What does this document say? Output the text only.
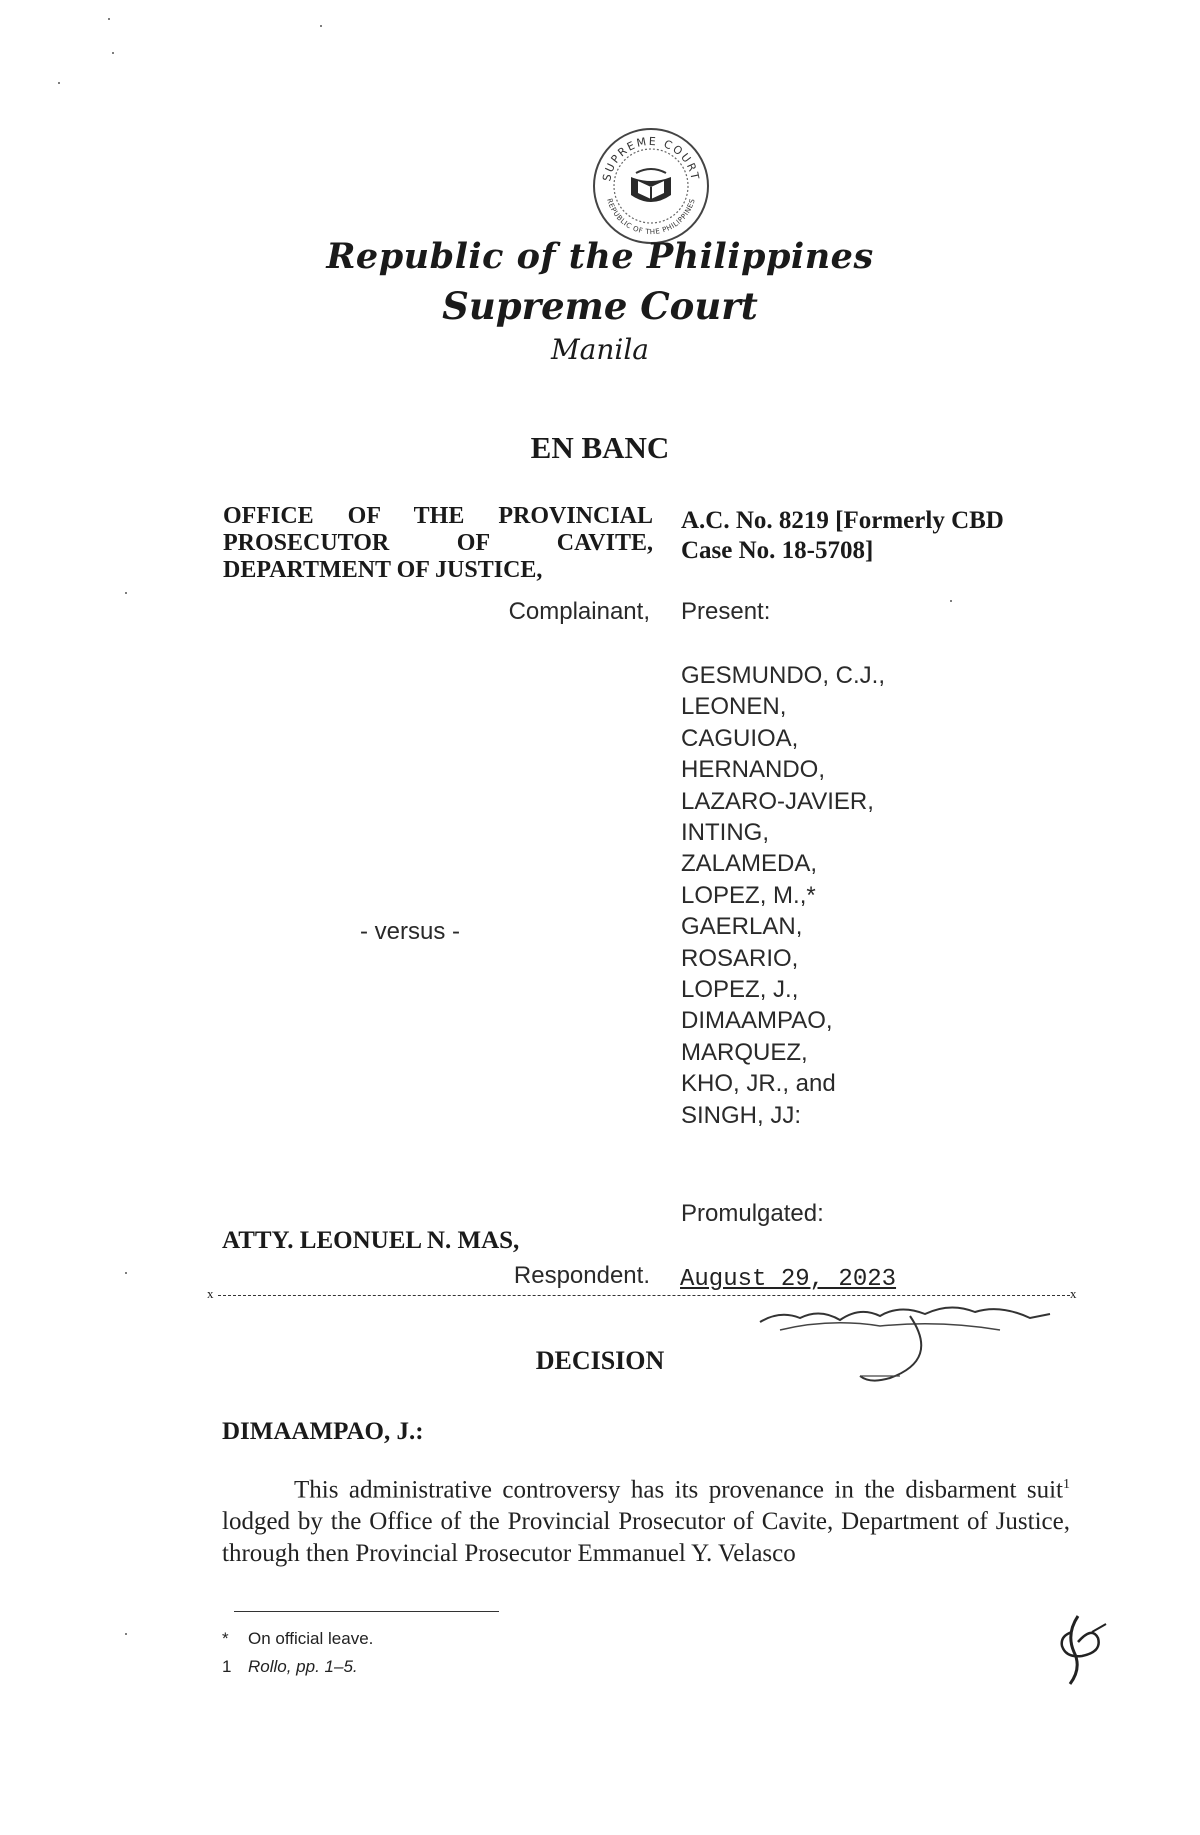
SUPREME COURT
REPUBLIC OF THE PHILIPPINES
Republic of the Philippines
Supreme Court
Manila
EN BANC
OFFICE OF THE PROVINCIAL PROSECUTOR OF CAVITE, DEPARTMENT OF JUSTICE,
A.C. No. 8219 [Formerly CBD Case No. 18-5708]
Complainant, Present:
GESMUNDO, C.J.,
LEONEN,
CAGUIOA,
HERNANDO,
LAZARO-JAVIER,
INTING,
ZALAMEDA,
LOPEZ, M.,*
GAERLAN,
ROSARIO,
LOPEZ, J.,
DIMAAMPAO,
MARQUEZ,
KHO, JR., and
SINGH, JJ:
- versus -
Promulgated:
ATTY. LEONUEL N. MAS,
Respondent. August 29, 2023
x	x
DECISION
DIMAAMPAO, J.:

This administrative controversy has its provenance in the disbarment suit$^1$ lodged by the Office of the Provincial Prosecutor of Cavite, Department of Justice, through then Provincial Prosecutor Emmanuel Y. Velasco

* On official leave.
1 Rollo, pp. 1–5.
